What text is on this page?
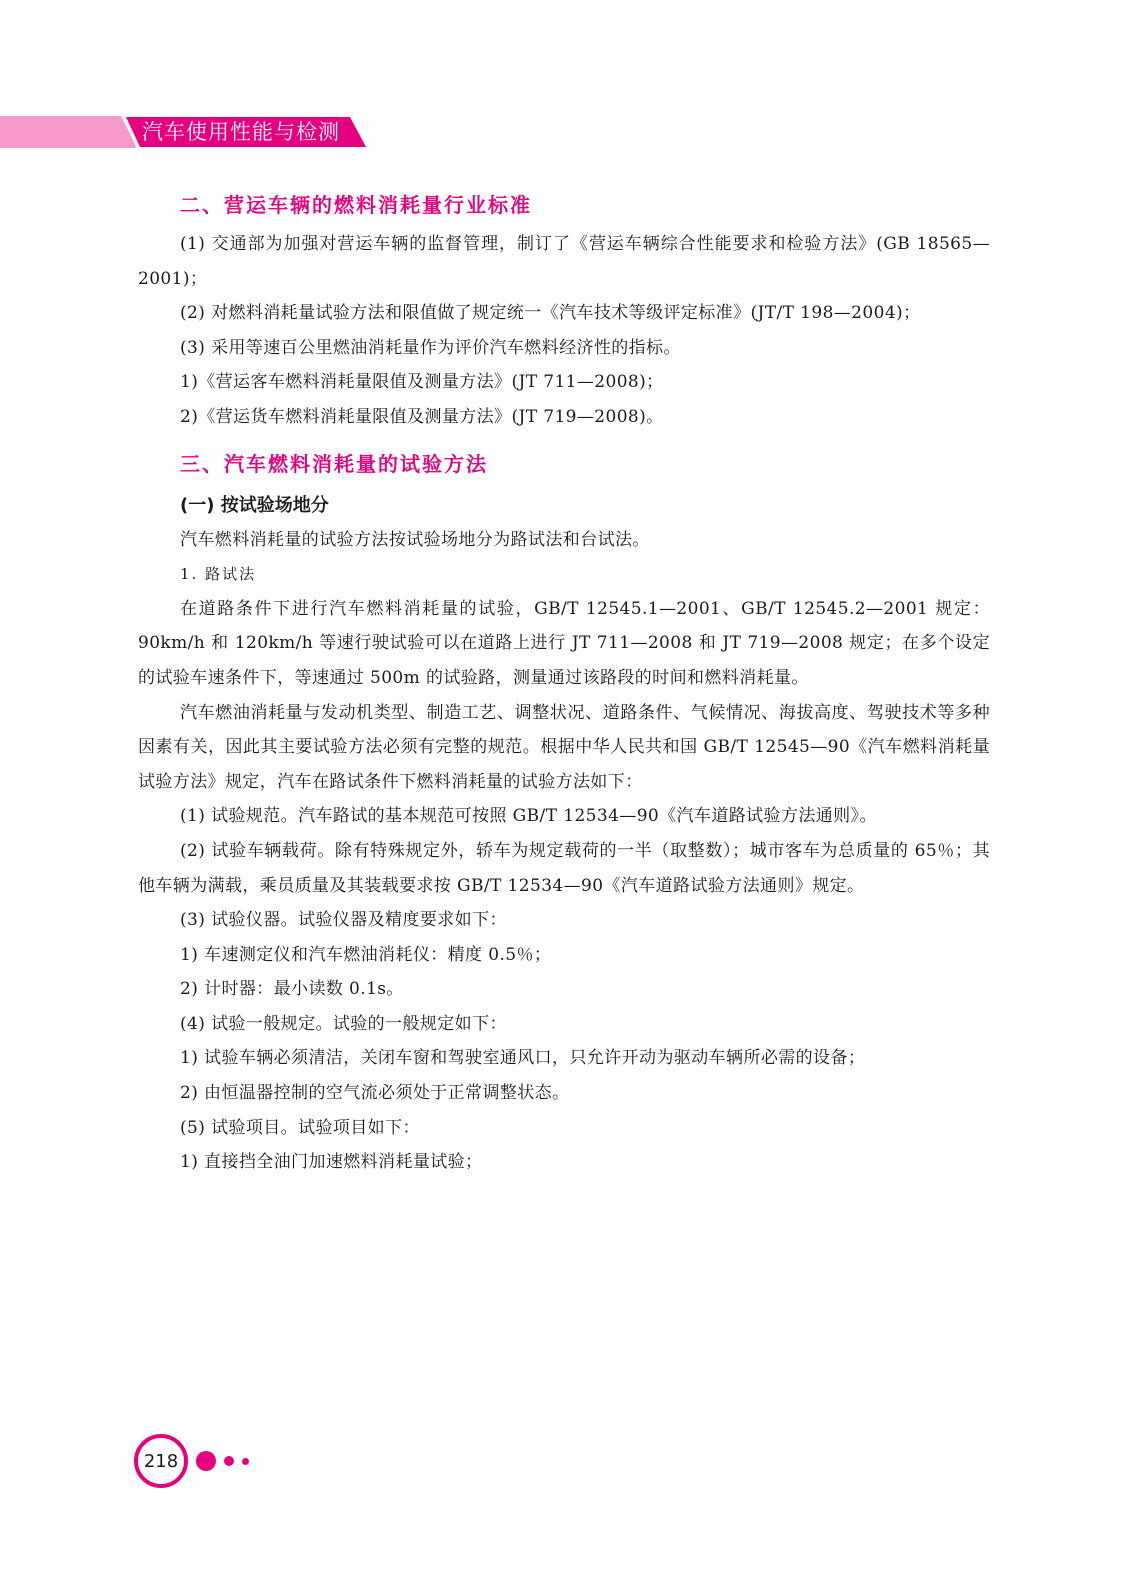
汽车使用性能与检测
二、营运车辆的燃料消耗量行业标准

(1) 交通部为加强对营运车辆的监督管理，制订了《营运车辆综合性能要求和检验方法》(GB 18565—2001)；

(2) 对燃料消耗量试验方法和限值做了规定统一《汽车技术等级评定标准》(JT/T 198—2004)；

(3) 采用等速百公里燃油消耗量作为评价汽车燃料经济性的指标。

1)《营运客车燃料消耗量限值及测量方法》(JT 711—2008)；

2)《营运货车燃料消耗量限值及测量方法》(JT 719—2008)。

三、汽车燃料消耗量的试验方法
(一) 按试验场地分

汽车燃料消耗量的试验方法按试验场地分为路试法和台试法。

1. 路试法

在道路条件下进行汽车燃料消耗量的试验，GB/T 12545.1—2001、GB/T 12545.2—2001 规定：90km/h 和 120km/h 等速行驶试验可以在道路上进行 JT 711—2008 和 JT 719—2008 规定；在多个设定的试验车速条件下，等速通过 500m 的试验路，测量通过该路段的时间和燃料消耗量。

汽车燃油消耗量与发动机类型、制造工艺、调整状况、道路条件、气候情况、海拔高度、驾驶技术等多种因素有关，因此其主要试验方法必须有完整的规范。根据中华人民共和国 GB/T 12545—90《汽车燃料消耗量试验方法》规定，汽车在路试条件下燃料消耗量的试验方法如下：

(1) 试验规范。汽车路试的基本规范可按照 GB/T 12534—90《汽车道路试验方法通则》。

(2) 试验车辆载荷。除有特殊规定外，轿车为规定载荷的一半（取整数）；城市客车为总质量的 65％；其他车辆为满载，乘员质量及其装载要求按 GB/T 12534—90《汽车道路试验方法通则》规定。

(3) 试验仪器。试验仪器及精度要求如下：

1) 车速测定仪和汽车燃油消耗仪：精度 0.5％；

2) 计时器：最小读数 0.1s。

(4) 试验一般规定。试验的一般规定如下：

1) 试验车辆必须清洁，关闭车窗和驾驶室通风口，只允许开动为驱动车辆所必需的设备；

2) 由恒温器控制的空气流必须处于正常调整状态。

(5) 试验项目。试验项目如下：

1) 直接挡全油门加速燃料消耗量试验；

218
